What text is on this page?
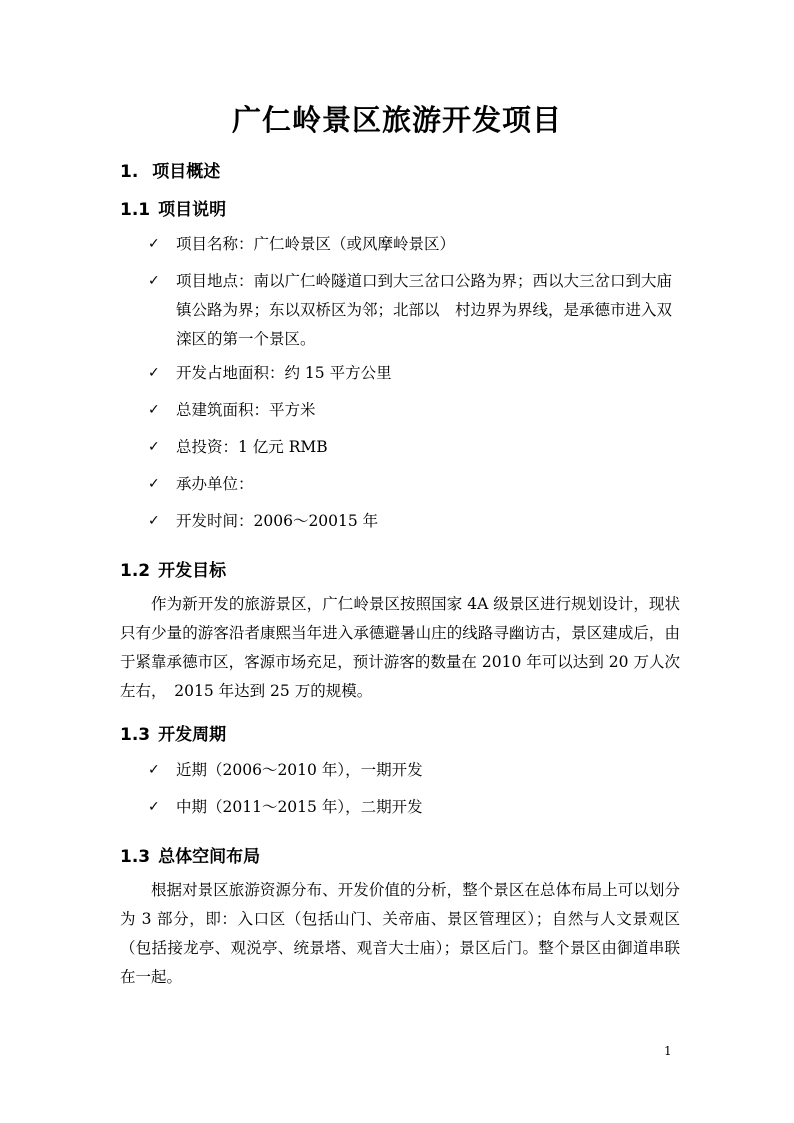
广仁岭景区旅游开发项目
1. 项目概述
1.1 项目说明
✓ 项目名称：广仁岭景区（或风摩岭景区）
✓ 项目地点：南以广仁岭隧道口到大三岔口公路为界；西以大三岔口到大庙镇公路为界；东以双桥区为邻；北部以　村边界为界线，是承德市进入双滦区的第一个景区。
✓ 开发占地面积：约 15 平方公里
✓ 总建筑面积：平方米
✓ 总投资：1 亿元 RMB
✓ 承办单位：
✓ 开发时间：2006～20015 年
1.2 开发目标
作为新开发的旅游景区，广仁岭景区按照国家 4A 级景区进行规划设计，现状只有少量的游客沿者康熙当年进入承德避暑山庄的线路寻幽访古，景区建成后，由于紧靠承德市区，客源市场充足，预计游客的数量在 2010 年可以达到 20 万人次左右，　2015 年达到 25 万的规模。
1.3 开发周期
✓ 近期（2006～2010 年），一期开发
✓ 中期（2011～2015 年），二期开发
1.3 总体空间布局
根据对景区旅游资源分布、开发价值的分析，整个景区在总体布局上可以划分为 3 部分，即：入口区（包括山门、关帝庙、景区管理区）；自然与人文景观区（包括接龙亭、观涚亭、统景塔、观音大士庙）；景区后门。整个景区由御道串联在一起。
1
